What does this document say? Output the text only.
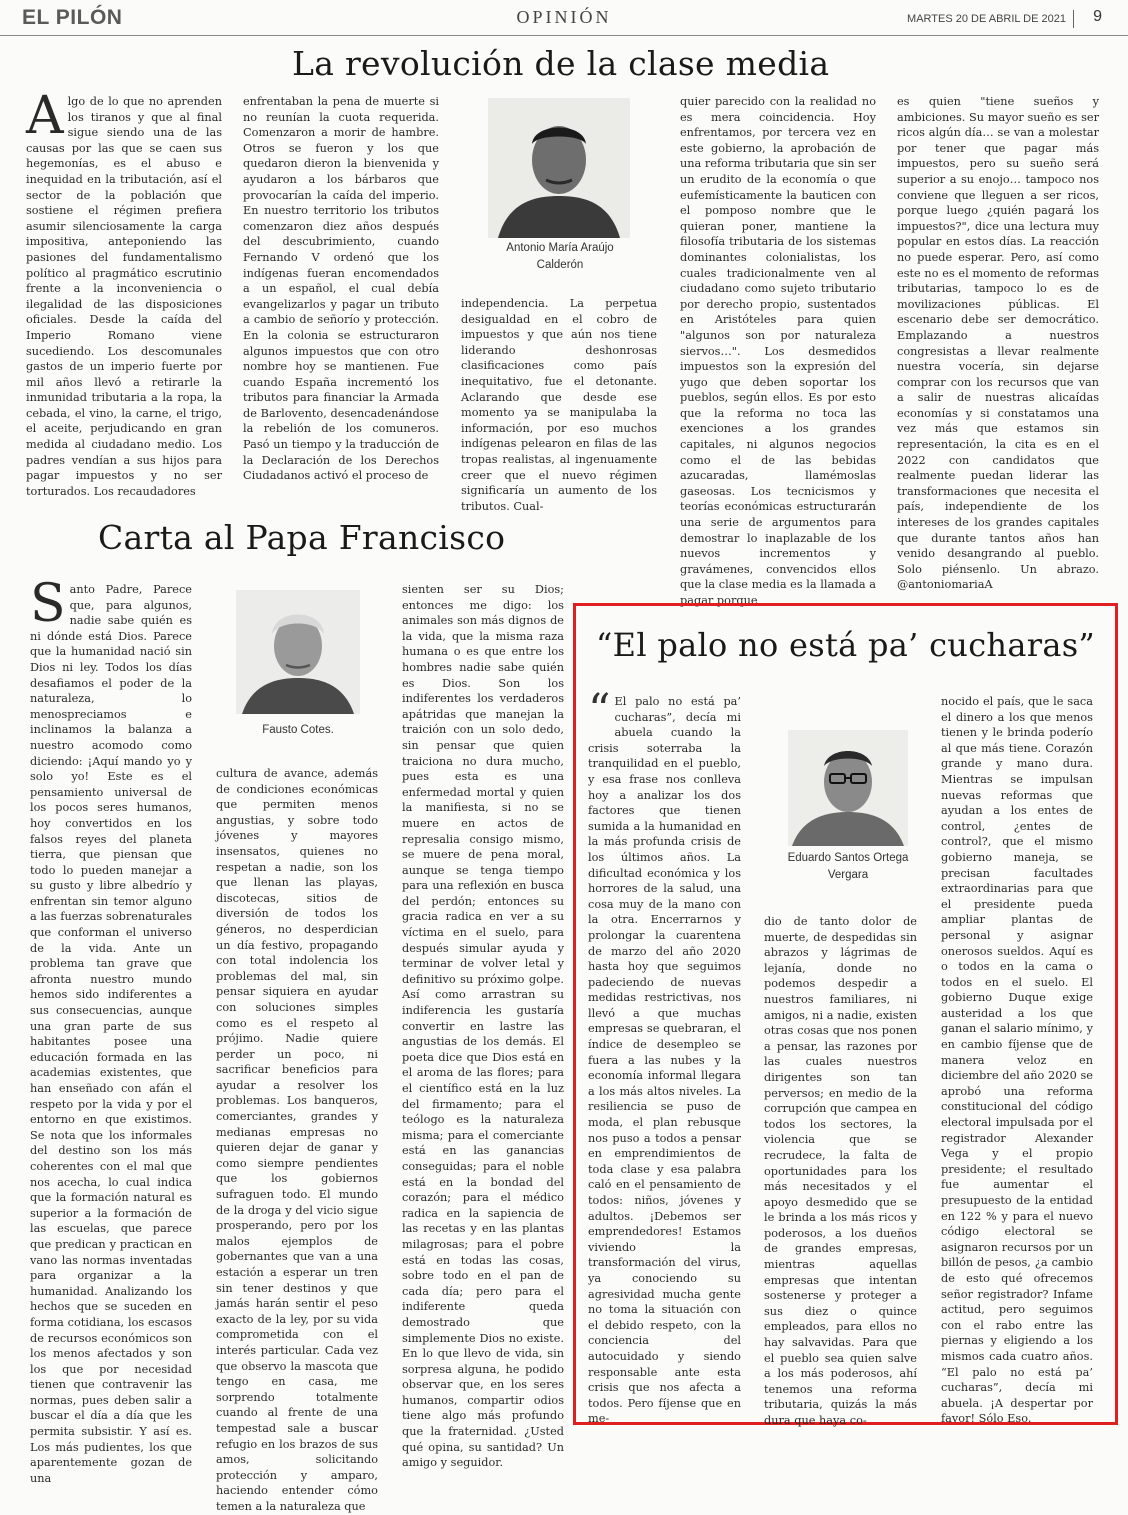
EL PILÓN	OPINIÓN	MARTES 20 DE ABRIL DE 2021 9
La revolución de la clase media
Algo de lo que no aprenden los tiranos y que al final sigue siendo una de las causas por las que se caen sus hegemonías, es el abuso e inequidad en la tributación, así el sector de la población que sostiene el régimen prefiera asumir silenciosamente la carga impositiva, anteponiendo las pasiones del fundamentalismo político al pragmático escrutinio frente a la inconveniencia o ilegalidad de las disposiciones oficiales. Desde la caída del Imperio Romano viene sucediendo. Los descomunales gastos de un imperio fuerte por mil años llevó a retirarle la inmunidad tributaria a la ropa, la cebada, el vino, la carne, el trigo, el aceite, perjudicando en gran medida al ciudadano medio. Los padres vendían a sus hijos para pagar impuestos y no ser torturados. Los recaudadores
enfrentaban la pena de muerte si no reunían la cuota requerida. Comenzaron a morir de hambre. Otros se fueron y los que quedaron dieron la bienvenida y ayudaron a los bárbaros que provocarían la caída del imperio. En nuestro territorio los tributos comenzaron diez años después del descubrimiento, cuando Fernando V ordenó que los indígenas fueran encomendados a un español, el cual debía evangelizarlos y pagar un tributo a cambio de señorío y protección. En la colonia se estructuraron algunos impuestos que con otro nombre hoy se mantienen. Fue cuando España incrementó los tributos para financiar la Armada de Barlovento, desencadenándose la rebelión de los comuneros. Pasó un tiempo y la traducción de la Declaración de los Derechos Ciudadanos activó el proceso de
Antonio María Araújo
Calderón
independencia. La perpetua desigualdad en el cobro de impuestos y que aún nos tiene liderando deshonrosas clasificaciones como país inequitativo, fue el detonante. Aclarando que desde ese momento ya se manipulaba la información, por eso muchos indígenas pelearon en filas de las tropas realistas, al ingenuamente creer que el nuevo régimen significaría un aumento de los tributos. Cual-
quier parecido con la realidad no es mera coincidencia. Hoy enfrentamos, por tercera vez en este gobierno, la aprobación de una reforma tributaria que sin ser un erudito de la economía o que eufemísticamente la bauticen con el pomposo nombre que le quieran poner, mantiene la filosofía tributaria de los sistemas dominantes colonialistas, los cuales tradicionalmente ven al ciudadano como sujeto tributario por derecho propio, sustentados en Aristóteles para quien "algunos son por naturaleza siervos…". Los desmedidos impuestos son la expresión del yugo que deben soportar los pueblos, según ellos. Es por esto que la reforma no toca las exenciones a los grandes capitales, ni algunos negocios como el de las bebidas azucaradas, llamémoslas gaseosas. Los tecnicismos y teorías económicas estructurarán una serie de argumentos para demostrar lo inaplazable de los nuevos incrementos y gravámenes, convencidos ellos que la clase media es la llamada a pagar porque
es quien "tiene sueños y ambiciones. Su mayor sueño es ser ricos algún día… se van a molestar por tener que pagar más impuestos, pero su sueño será superior a su enojo… tampoco nos conviene que lleguen a ser ricos, porque luego ¿quién pagará los impuestos?", dice una lectura muy popular en estos días. La reacción no puede esperar. Pero, así como este no es el momento de reformas tributarias, tampoco lo es de movilizaciones públicas. El escenario debe ser democrático. Emplazando a nuestros congresistas a llevar realmente nuestra vocería, sin dejarse comprar con los recursos que van a salir de nuestras alicaídas economías y si constatamos una vez más que estamos sin representación, la cita es en el 2022 con candidatos que realmente puedan liderar las transformaciones que necesita el país, independiente de los intereses de los grandes capitales que durante tantos años han venido desangrando al pueblo. Solo piénsenlo. Un abrazo. @antoniomariaA
Carta al Papa Francisco
Santo Padre, Parece que, para algunos, nadie sabe quién es ni dónde está Dios. Parece que la humanidad nació sin Dios ni ley. Todos los días desafiamos el poder de la naturaleza, lo menospreciamos e inclinamos la balanza a nuestro acomodo como diciendo: ¡Aquí mando yo y solo yo! Este es el pensamiento universal de los pocos seres humanos, hoy convertidos en los falsos reyes del planeta tierra, que piensan que todo lo pueden manejar a su gusto y libre albedrío y enfrentan sin temor alguno a las fuerzas sobrenaturales que conforman el universo de la vida. Ante un problema tan grave que afronta nuestro mundo hemos sido indiferentes a sus consecuencias, aunque una gran parte de sus habitantes posee una educación formada en las academias existentes, que han enseñado con afán el respeto por la vida y por el entorno en que existimos. Se nota que los informales del destino son los más coherentes con el mal que nos acecha, lo cual indica que la formación natural es superior a la formación de las escuelas, que parece que predican y practican en vano las normas inventadas para organizar a la humanidad. Analizando los hechos que se suceden en forma cotidiana, los escasos de recursos económicos son los menos afectados y son los que por necesidad tienen que contravenir las normas, pues deben salir a buscar el día a día que les permita subsistir. Y así es. Los más pudientes, los que aparentemente gozan de una
Fausto Cotes.
cultura de avance, además de condiciones económicas que permiten menos angustias, y sobre todo jóvenes y mayores insensatos, quienes no respetan a nadie, son los que llenan las playas, discotecas, sitios de diversión de todos los géneros, no desperdician un día festivo, propagando con total indolencia los problemas del mal, sin pensar siquiera en ayudar con soluciones simples como es el respeto al prójimo. Nadie quiere perder un poco, ni sacrificar beneficios para ayudar a resolver los problemas. Los banqueros, comerciantes, grandes y medianas empresas no quieren dejar de ganar y como siempre pendientes que los gobiernos sufraguen todo. El mundo de la droga y del vicio sigue prosperando, pero por los malos ejemplos de gobernantes que van a una estación a esperar un tren sin tener destinos y que jamás harán sentir el peso exacto de la ley, por su vida comprometida con el interés particular. Cada vez que observo la mascota que tengo en casa, me sorprendo totalmente cuando al frente de una tempestad sale a buscar refugio en los brazos de sus amos, solicitando protección y amparo, haciendo entender cómo temen a la naturaleza que
sienten ser su Dios; entonces me digo: los animales son más dignos de la vida, que la misma raza humana o es que entre los hombres nadie sabe quién es Dios. Son los indiferentes los verdaderos apátridas que manejan la traición con un solo dedo, sin pensar que quien traiciona no dura mucho, pues esta es una enfermedad mortal y quien la manifiesta, si no se muere en actos de represalia consigo mismo, se muere de pena moral, aunque se tenga tiempo para una reflexión en busca del perdón; entonces su gracia radica en ver a su víctima en el suelo, para después simular ayuda y terminar de volver letal y definitivo su próximo golpe. Así como arrastran su indiferencia les gustaría convertir en lastre las angustias de los demás. El poeta dice que Dios está en el aroma de las flores; para el científico está en la luz del firmamento; para el teólogo es la naturaleza misma; para el comerciante está en las ganancias conseguidas; para el noble está en la bondad del corazón; para el médico radica en la sapiencia de las recetas y en las plantas milagrosas; para el pobre está en todas las cosas, sobre todo en el pan de cada día; pero para el indiferente queda demostrado que simplemente Dios no existe. En lo que llevo de vida, sin sorpresa alguna, he podido observar que, en los seres humanos, compartir odios tiene algo más profundo que la fraternidad. ¿Usted qué opina, su santidad? Un amigo y seguidor.
“El palo no está pa’ cucharas”
“ El palo no está pa’ cucharas”, decía mi abuela cuando la crisis soterraba la tranquilidad en el pueblo, y esa frase nos conlleva hoy a analizar los dos factores que tienen sumida a la humanidad en la más profunda crisis de los últimos años. La dificultad económica y los horrores de la salud, una cosa muy de la mano con la otra. Encerrarnos y prolongar la cuarentena de marzo del año 2020 hasta hoy que seguimos padeciendo de nuevas medidas restrictivas, nos llevó a que muchas empresas se quebraran, el índice de desempleo se fuera a las nubes y la economía informal llegara a los más altos niveles. La resiliencia se puso de moda, el plan rebusque nos puso a todos a pensar en emprendimientos de toda clase y esa palabra caló en el pensamiento de todos: niños, jóvenes y adultos. ¡Debemos ser emprendedores! Estamos viviendo la transformación del virus, ya conociendo su agresividad mucha gente no toma la situación con el debido respeto, con la conciencia del autocuidado y siendo responsable ante esta crisis que nos afecta a todos. Pero fíjense que en me-
Eduardo Santos Ortega
Vergara
dio de tanto dolor de muerte, de despedidas sin abrazos y lágrimas de lejanía, donde no podemos despedir a nuestros familiares, ni amigos, ni a nadie, existen otras cosas que nos ponen a pensar, las razones por las cuales nuestros dirigentes son tan perversos; en medio de la corrupción que campea en todos los sectores, la violencia que se recrudece, la falta de oportunidades para los más necesitados y el apoyo desmedido que se le brinda a los más ricos y poderosos, a los dueños de grandes empresas, mientras aquellas empresas que intentan sostenerse y proteger a sus diez o quince empleados, para ellos no hay salvavidas. Para que el pueblo sea quien salve a los más poderosos, ahí tenemos una reforma tributaria, quizás la más dura que haya co-
nocido el país, que le saca el dinero a los que menos tienen y le brinda poderío al que más tiene. Corazón grande y mano dura. Mientras se impulsan nuevas reformas que ayudan a los entes de control, ¿entes de control?, que el mismo gobierno maneja, se precisan facultades extraordinarias para que el presidente pueda ampliar plantas de personal y asignar onerosos sueldos. Aquí es o todos en la cama o todos en el suelo. El gobierno Duque exige austeridad a los que ganan el salario mínimo, y en cambio fíjense que de manera veloz en diciembre del año 2020 se aprobó una reforma constitucional del código electoral impulsada por el registrador Alexander Vega y el propio presidente; el resultado fue aumentar el presupuesto de la entidad en 122 % y para el nuevo código electoral se asignaron recursos por un billón de pesos, ¿a cambio de esto qué ofrecemos señor registrador? Infame actitud, pero seguimos con el rabo entre las piernas y eligiendo a los mismos cada cuatro años. “El palo no está pa’ cucharas”, decía mi abuela. ¡A despertar por favor! Sólo Eso.
